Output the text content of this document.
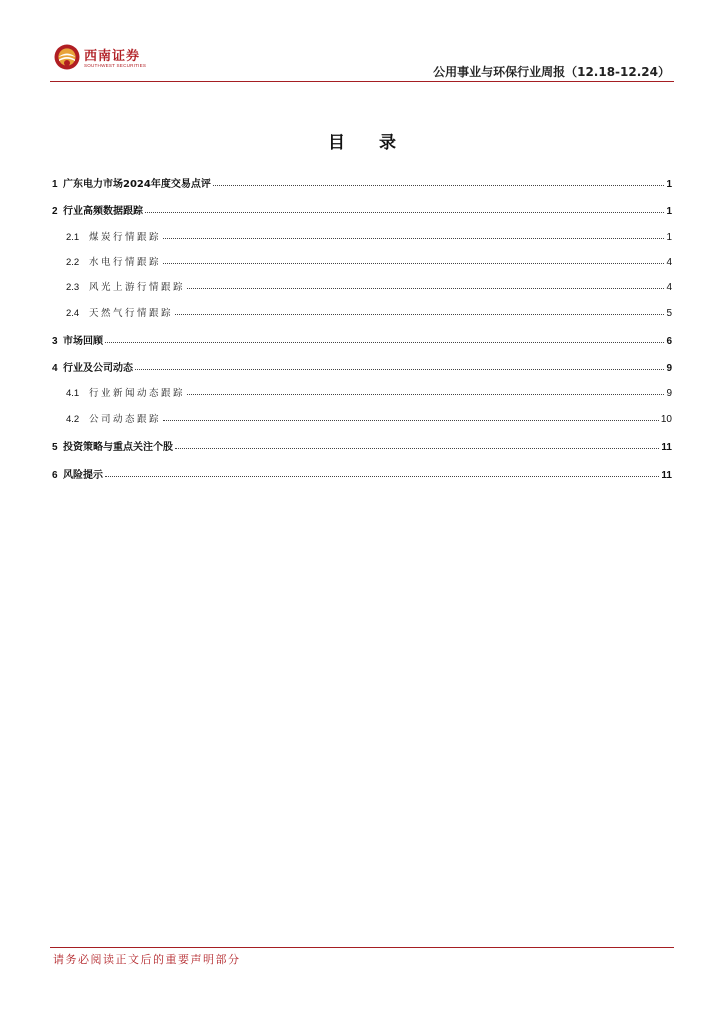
西南证券
SOUTHWEST SECURITIES	公用事业与环保行业周报（12.18-12.24）
目 录
1 广东电力市场2024年度交易点评	1
2 行业高频数据跟踪	1
2.1	煤炭行情跟踪	1
2.2	水电行情跟踪	4
2.3	风光上游行情跟踪	4
2.4	天然气行情跟踪	5
3 市场回顾	6
4 行业及公司动态	9
4.1	行业新闻动态跟踪	9
4.2	公司动态跟踪	10
5 投资策略与重点关注个股	11
6 风险提示	11
请务必阅读正文后的重要声明部分
